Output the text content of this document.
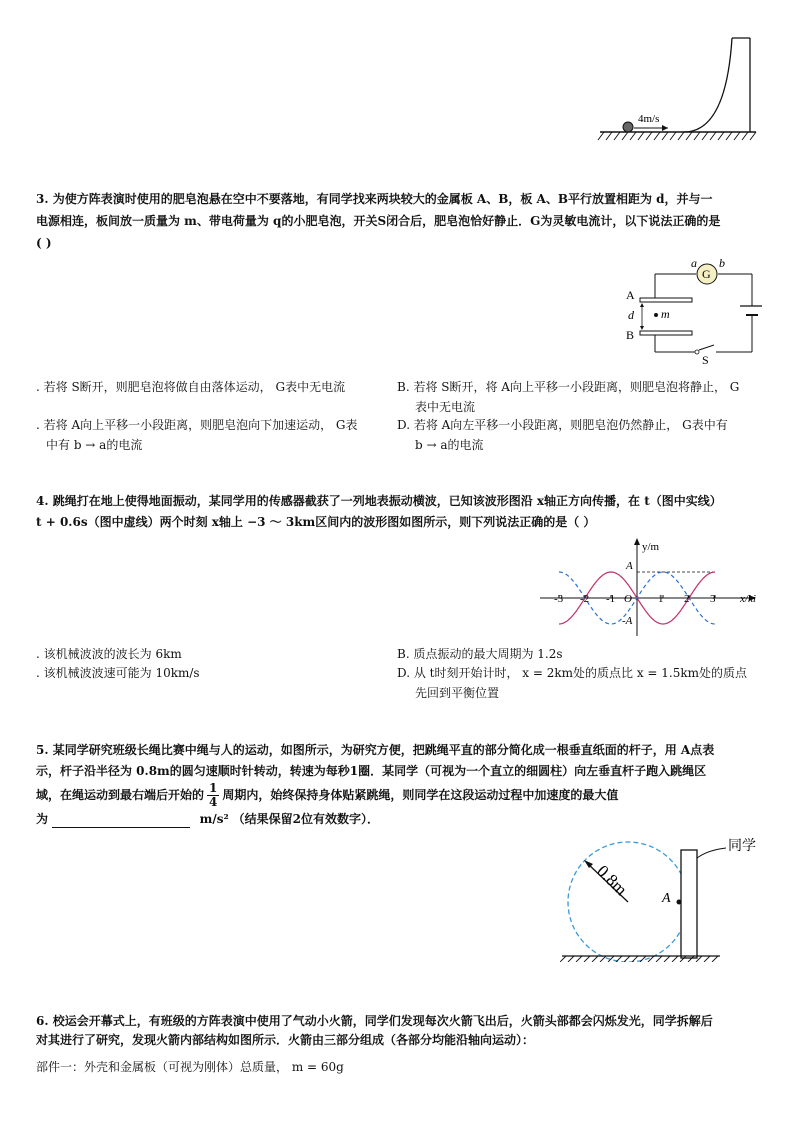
4m/s
3. 为使方阵表演时使用的肥皂泡悬在空中不要落地，有同学找来两块较大的金属板 A、B，板 A、B平行放置相距为 d，并与一
电源相连，板间放一质量为 m、带电荷量为 q的小肥皂泡，开关S闭合后，肥皂泡恰好静止．G为灵敏电流计，以下说法正确的是
( )
G
a b
A
B
d m
S
. 若将 S断开，则肥皂泡将做自由落体运动， G表中无电流	B. 若将 S断开，将 A向上平移一小段距离，则肥皂泡将静止， G
表中无电流
. 若将 A向上平移一小段距离，则肥皂泡向下加速运动， G表
中有 b → a的电流
D. 若将 A向左平移一小段距离，则肥皂泡仍然静止， G表中有
b → a的电流
4. 跳绳打在地上使得地面振动，某同学用的传感器截获了一列地表振动横波，已知该波形图沿 x轴正方向传播，在 t（图中实线）
t + 0.6s（图中虚线）两个时刻 x轴上 −3 ～ 3km区间内的波形图如图所示，则下列说法正确的是（ ）
y/m
x/ki
O
A
-A
-3 -2 -1	1 2 3
. 该机械波波的波长为 6km	B. 质点振动的最大周期为 1.2s
. 该机械波波速可能为 10km/s	D. 从 t时刻开始计时， x = 2km处的质点比 x = 1.5km处的质点
先回到平衡位置
5. 某同学研究班级长绳比赛中绳与人的运动，如图所示，为研究方便，把跳绳平直的部分简化成一根垂直纸面的杆子，用 A点表
示，杆子沿半径为 0.8m的圆匀速顺时针转动，转速为每秒1圈．某同学（可视为一个直立的细圆柱）向左垂直杆子跑入跳绳区
域，在绳运动到最右端后开始的 $\frac{1}{4}$ 周期内，始终保持身体贴紧跳绳，则同学在这段运动过程中加速度的最大值
为	m/s² （结果保留2位有效数字）．
0.8m A
同学
6. 校运会开幕式上，有班级的方阵表演中使用了气动小火箭，同学们发现每次火箭飞出后，火箭头部都会闪烁发光，同学拆解后
对其进行了研究，发现火箭内部结构如图所示．火箭由三部分组成（各部分均能沿轴向运动）：
部件一：外壳和金属板（可视为刚体）总质量， m = 60g
